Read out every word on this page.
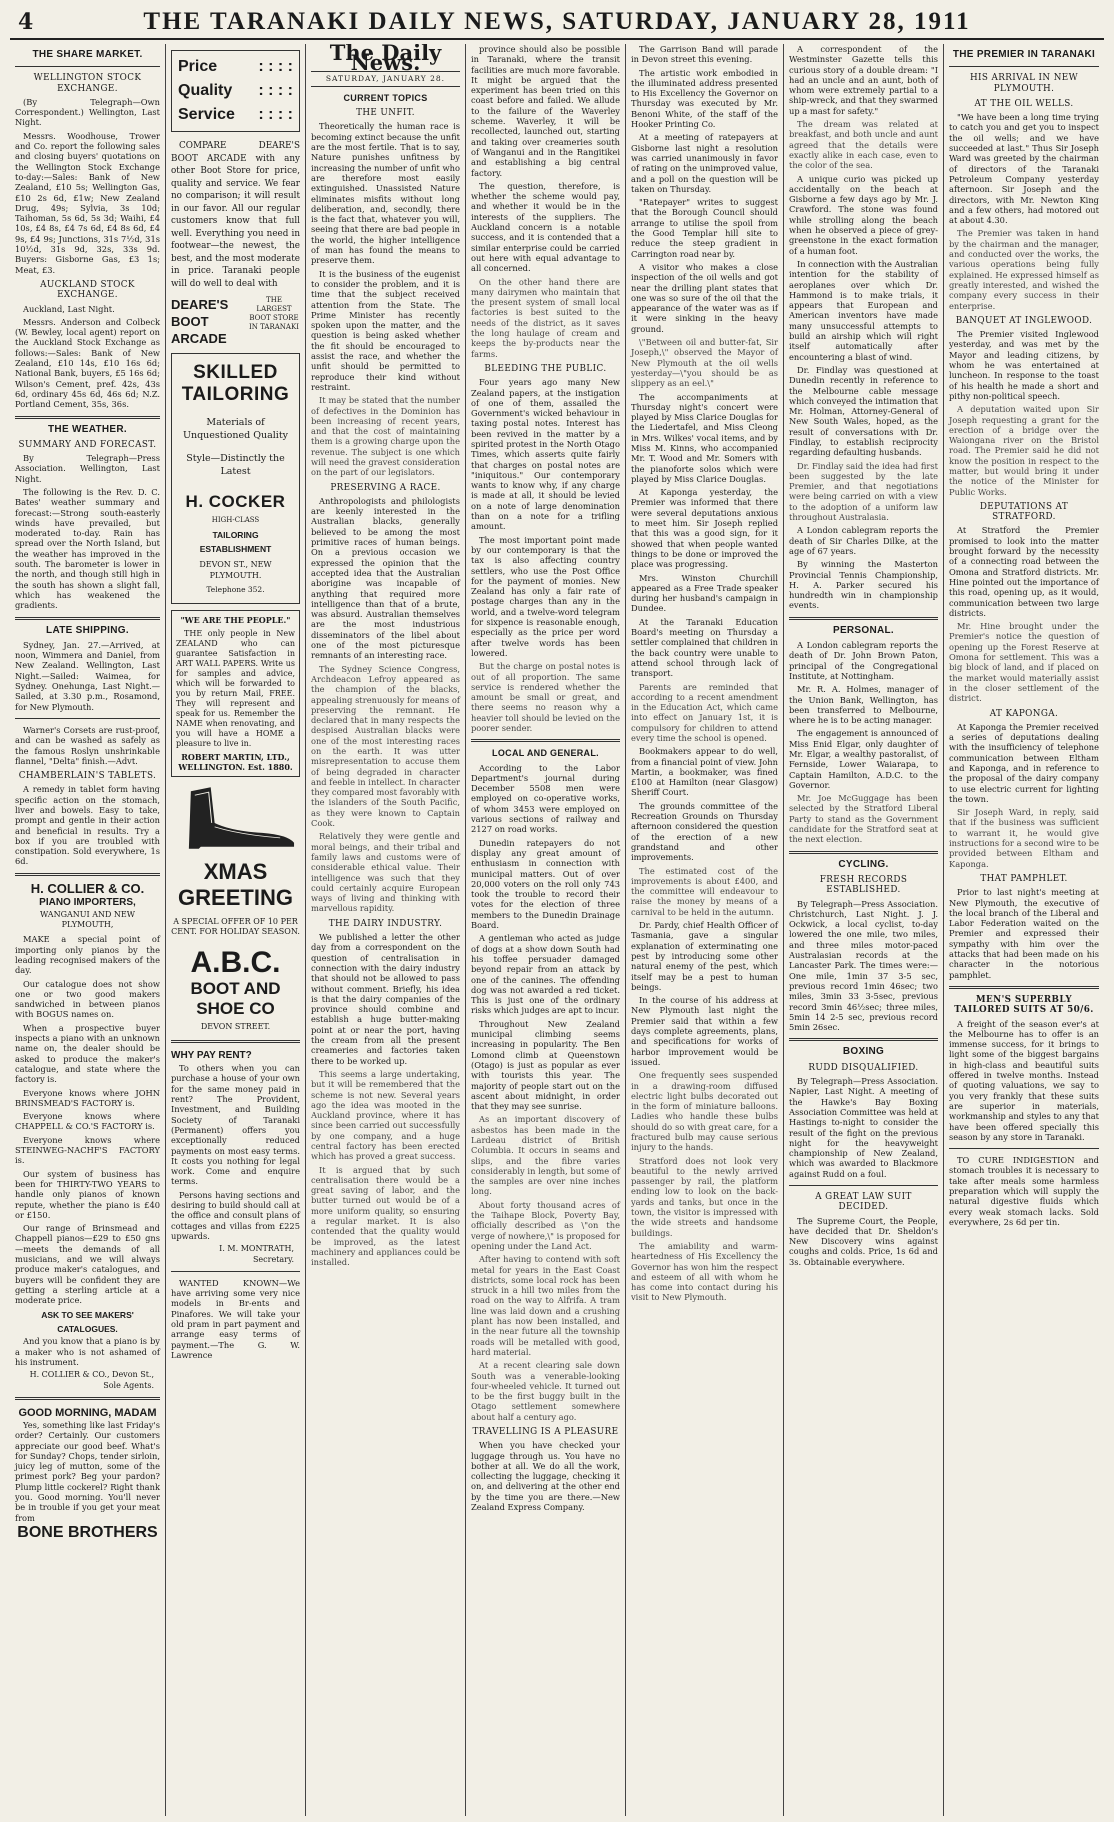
4	THE TARANAKI DAILY NEWS, SATURDAY, JANUARY 28, 1911
THE SHARE MARKET.
WELLINGTON STOCK EXCHANGE.

(By Telegraph—Own Correspondent.) Wellington, Last Night.

Messrs. Woodhouse, Trower and Co. report the following sales and closing buyers' quotations on the Wellington Stock Exchange to-day:—Sales: Bank of New Zealand, £10 5s; Wellington Gas, £10 2s 6d, £1w; New Zealand Drug, 49s; Sylvia, 3s 10d; Taihoman, 5s 6d, 5s 3d; Waihi, £4 10s, £4 8s, £4 7s 6d, £4 8s 6d, £4 9s, £4 9s; Junctions, 31s 7½d, 31s 10½d, 31s 9d, 32s, 33s 9d. Buyers: Gisborne Gas, £3 1s; Meat, £3.

AUCKLAND STOCK EXCHANGE.

Auckland, Last Night.

Messrs. Anderson and Colbeck (W. Bewley, local agent) report on the Auckland Stock Exchange as follows:—Sales: Bank of New Zealand, £10 14s, £10 16s 6d; National Bank, buyers, £5 16s 6d; Wilson's Cement, pref. 42s, 43s 6d, ordinary 45s 6d, 46s 6d; N.Z. Portland Cement, 35s, 36s.

THE WEATHER.
SUMMARY AND FORECAST.

By Telegraph—Press Association. Wellington, Last Night.

The following is the Rev. D. C. Bates' weather summary and forecast:—Strong south-easterly winds have prevailed, but moderated to-day. Rain has spread over the North Island, but the weather has improved in the south. The barometer is lower in the north, and though still high in the south has shown a slight fall, which has weakened the gradients.

LATE SHIPPING.

Sydney, Jan. 27.—Arrived, at noon, Wimmera and Daniel, from New Zealand. Wellington, Last Night.—Sailed: Waimea, for Sydney. Onehunga, Last Night.—Sailed, at 3.30 p.m., Rosamond, for New Plymouth.

Warner's Corsets are rust-proof, and can be washed as safely as the famous Roslyn unshrinkable flannel, "Delta" finish.—Advt.

CHAMBERLAIN'S TABLETS.

A remedy in tablet form having specific action on the stomach, liver and bowels. Easy to take, prompt and gentle in their action and beneficial in results. Try a box if you are troubled with constipation. Sold everywhere, 1s 6d.

H. COLLIER & CO.
PIANO IMPORTERS,
WANGANUI AND NEW PLYMOUTH,

MAKE a special point of importing only pianos by the leading recognised makers of the day.

Our catalogue does not show one or two good makers sandwiched in between pianos with BOGUS names on.

When a prospective buyer inspects a piano with an unknown name on, the dealer should be asked to produce the maker's catalogue, and state where the factory is.

Everyone knows where JOHN BRINSMEAD'S FACTORY is.

Everyone knows where CHAPPELL & CO.'S FACTORY is.

Everyone knows where STEINWEG-NACHF'S FACTORY is.

Our system of business has been for THIRTY-TWO YEARS to handle only pianos of known repute, whether the piano is £40 or £150.

Our range of Brinsmead and Chappell pianos—£29 to £50 gns—meets the demands of all musicians, and we will always produce maker's catalogues, and buyers will be confident they are getting a sterling article at a moderate price.

ASK TO SEE MAKERS' CATALOGUES.

And you know that a piano is by a maker who is not ashamed of his instrument.

H. COLLIER & CO., Devon St., Sole Agents.
GOOD MORNING, MADAM

Yes, something like last Friday's order? Certainly. Our customers appreciate our good beef. What's for Sunday? Chops, tender sirloin, juicy leg of mutton, some of the primest pork? Beg your pardon? Plump little cockerel? Right thank you. Good morning. You'll never be in trouble if you get your meat from

BONE BROTHERS
Price	: : : :
Quality : : : :
Service : : : :

COMPARE DEARE'S BOOT ARCADE with any other Boot Store for price, quality and service. We fear no comparison; it will result in our favor. All our regular customers know that full well. Everything you need in footwear—the newest, the best, and the most moderate in price. Taranaki people will do well to deal with

DEARE'S BOOT ARCADE
THE LARGEST BOOT STORE IN TARANAKI
SKILLED TAILORING
Materials of Unquestioned Quality
Style—Distinctly the Latest
H. COCKER
HIGH-CLASS
TAILORING ESTABLISHMENT
DEVON ST., NEW PLYMOUTH.
Telephone 352.
"WE ARE THE PEOPLE."

THE only people in New ZEALAND who can guarantee Satisfaction in ART WALL PAPERS. Write us for samples and advice, which will be forwarded to you by return Mail, FREE. They will represent and speak for us. Remember the NAME when renovating, and you will have a HOME a pleasure to live in.

ROBERT MARTIN, LTD., WELLINGTON. Est. 1880.
XMAS GREETING
A SPECIAL OFFER OF 10 PER CENT. FOR HOLIDAY SEASON.
A.B.C.
BOOT AND SHOE CO
DEVON STREET.
WHY PAY RENT?

To others when you can purchase a house of your own for the same money paid in rent? The Provident, Investment, and Building Society of Taranaki (Permanent) offers you exceptionally reduced payments on most easy terms. It costs you nothing for legal work. Come and enquire terms.

Persons having sections and desiring to build should call at the office and consult plans of cottages and villas from £225 upwards.

I. M. MONTRATH, Secretary.

WANTED KNOWN—We have arriving some very nice models in Br-ents and Pinafores. We will take your old pram in part payment and arrange easy terms of payment.—The G. W. Lawrence

The Daily News.
SATURDAY, JANUARY 28.
CURRENT TOPICS
THE UNFIT.

Theoretically the human race is becoming extinct because the unfit are the most fertile. That is to say, Nature punishes unfitness by increasing the number of unfit who are therefore most easily extinguished. Unassisted Nature eliminates misfits without long deliberation, and, secondly, there is the fact that, whatever you will, seeing that there are bad people in the world, the higher intelligence of man has found the means to preserve them.

It is the business of the eugenist to consider the problem, and it is time that the subject received attention from the State. The Prime Minister has recently spoken upon the matter, and the question is being asked whether the fit should be encouraged to assist the race, and whether the unfit should be permitted to reproduce their kind without restraint.

It may be stated that the number of defectives in the Dominion has been increasing of recent years, and that the cost of maintaining them is a growing charge upon the revenue. The subject is one which will need the gravest consideration on the part of our legislators.

PRESERVING A RACE.

Anthropologists and philologists are keenly interested in the Australian blacks, generally believed to be among the most primitive races of human beings. On a previous occasion we expressed the opinion that the accepted idea that the Australian aborigine was incapable of anything that required more intelligence than that of a brute, was absurd. Australian themselves are the most industrious disseminators of the libel about one of the most picturesque remnants of an interesting race.

The Sydney Science Congress, Archdeacon Lefroy appeared as the champion of the blacks, appealing strenuously for means of preserving the remnant. He declared that in many respects the despised Australian blacks were one of the most interesting races on the earth. It was utter misrepresentation to accuse them of being degraded in character and feeble in intellect. In character they compared most favorably with the islanders of the South Pacific, as they were known to Captain Cook.

Relatively they were gentle and moral beings, and their tribal and family laws and customs were of considerable ethical value. Their intelligence was such that they could certainly acquire European ways of living and thinking with marvellous rapidity.

THE DAIRY INDUSTRY.

We published a letter the other day from a correspondent on the question of centralisation in connection with the dairy industry that should not be allowed to pass without comment. Briefly, his idea is that the dairy companies of the province should combine and establish a huge butter-making point at or near the port, having the cream from all the present creameries and factories taken there to be worked up.

This seems a large undertaking, but it will be remembered that the scheme is not new. Several years ago the idea was mooted in the Auckland province, where it has since been carried out successfully by one company, and a huge central factory has been erected which has proved a great success.

It is argued that by such centralisation there would be a great saving of labor, and the butter turned out would be of a more uniform quality, so ensuring a regular market. It is also contended that the quality would be improved, as the latest machinery and appliances could be installed.

province should also be possible in Taranaki, where the transit facilities are much more favorable. It might be argued that the experiment has been tried on this coast before and failed. We allude to the failure of the Waverley scheme. Waverley, it will be recollected, launched out, starting and taking over creameries south of Wanganui and in the Rangitikei and establishing a big central factory.

The question, therefore, is whether the scheme would pay, and whether it would be in the interests of the suppliers. The Auckland concern is a notable success, and it is contended that a similar enterprise could be carried out here with equal advantage to all concerned.

On the other hand there are many dairymen who maintain that the present system of small local factories is best suited to the needs of the district, as it saves the long haulage of cream and keeps the by-products near the farms.

BLEEDING THE PUBLIC.

Four years ago many New Zealand papers, at the instigation of one of them, assailed the Government's wicked behaviour in taxing postal notes. Interest has been revived in the matter by a spirited protest in the North Otago Times, which asserts quite fairly that charges on postal notes are "iniquitous." Our contemporary wants to know why, if any charge is made at all, it should be levied on a note of large denomination than on a note for a trifling amount.

The most important point made by our contemporary is that the tax is also affecting country settlers, who use the Post Office for the payment of monies. New Zealand has only a fair rate of postage charges than any in the world, and a twelve-word telegram for sixpence is reasonable enough, especially as the price per word after twelve words has been lowered.

But the charge on postal notes is out of all proportion. The same service is rendered whether the amount be small or great, and there seems no reason why a heavier toll should be levied on the poorer sender.

LOCAL AND GENERAL.

According to the Labor Department's journal during December 5508 men were employed on co-operative works, of whom 3453 were employed on various sections of railway and 2127 on road works.

Dunedin ratepayers do not display any great amount of enthusiasm in connection with municipal matters. Out of over 20,000 voters on the roll only 743 took the trouble to record their votes for the election of three members to the Dunedin Drainage Board.

A gentleman who acted as judge of dogs at a show down South had his toffee persuader damaged beyond repair from an attack by one of the canines. The offending dog was not awarded a red ticket. This is just one of the ordinary risks which judges are apt to incur.

Throughout New Zealand municipal climbing seems increasing in popularity. The Ben Lomond climb at Queenstown (Otago) is just as popular as ever with tourists this year. The majority of people start out on the ascent about midnight, in order that they may see sunrise.

As an important discovery of asbestos has been made in the Lardeau district of British Columbia. It occurs in seams and slips, and the fibre varies considerably in length, but some of the samples are over nine inches long.

About forty thousand acres of the Taihape Block, Poverty Bay, officially described as \"on the verge of nowhere,\" is proposed for opening under the Land Act.

After having to contend with soft metal for years in the East Coast districts, some local rock has been struck in a hill two miles from the road on the way to Alfrifa. A tram line was laid down and a crushing plant has now been installed, and in the near future all the township roads will be metalled with good, hard material.

At a recent clearing sale down South was a venerable-looking four-wheeled vehicle. It turned out to be the first buggy built in the Otago settlement somewhere about half a century ago.

TRAVELLING IS A PLEASURE

When you have checked your luggage through us. You have no bother at all. We do all the work, collecting the luggage, checking it on, and delivering at the other end by the time you are there.—New Zealand Express Company.

The Garrison Band will parade in Devon street this evening.

The artistic work embodied in the illuminated address presented to His Excellency the Governor on Thursday was executed by Mr. Benoni White, of the staff of the Hooker Printing Co.

At a meeting of ratepayers at Gisborne last night a resolution was carried unanimously in favor of rating on the unimproved value, and a poll on the question will be taken on Thursday.

"Ratepayer" writes to suggest that the Borough Council should arrange to utilise the spoil from the Good Templar hill site to reduce the steep gradient in Carrington road near by.

A visitor who makes a close inspection of the oil wells and got near the drilling plant states that one was so sure of the oil that the appearance of the water was as if it were sinking in the heavy ground.

\"Between oil and butter-fat, Sir Joseph,\" observed the Mayor of New Plymouth at the oil wells yesterday—\"you should be as slippery as an eel.\"

The accompaniments at Thursday night's concert were played by Miss Clarice Douglas for the Liedertafel, and Miss Cleong in Mrs. Wilkes' vocal items, and by Miss M. Kinns, who accompanied Mr. T. Wood and Mr. Somers with the pianoforte solos which were played by Miss Clarice Douglas.

At Kaponga yesterday, the Premier was informed that there were several deputations anxious to meet him. Sir Joseph replied that this was a good sign, for it showed that when people wanted things to be done or improved the place was progressing.

Mrs. Winston Churchill appeared as a Free Trade speaker during her husband's campaign in Dundee.

At the Taranaki Education Board's meeting on Thursday a settler complained that children in the back country were unable to attend school through lack of transport.

Parents are reminded that according to a recent amendment in the Education Act, which came into effect on January 1st, it is compulsory for children to attend every time the school is opened.

Bookmakers appear to do well, from a financial point of view. John Martin, a bookmaker, was fined £100 at Hamilton (near Glasgow) Sheriff Court.

The grounds committee of the Recreation Grounds on Thursday afternoon considered the question of the erection of a new grandstand and other improvements.

The estimated cost of the improvements is about £400, and the committee will endeavour to raise the money by means of a carnival to be held in the autumn.

Dr. Pardy, chief Health Officer of Tasmania, gave a singular explanation of exterminating one pest by introducing some other natural enemy of the pest, which itself may be a pest to human beings.

In the course of his address at New Plymouth last night the Premier said that within a few days complete agreements, plans, and specifications for works of harbor improvement would be issued.

One frequently sees suspended in a drawing-room diffused electric light bulbs decorated out in the form of miniature balloons. Ladies who handle these bulbs should do so with great care, for a fractured bulb may cause serious injury to the hands.

Stratford does not look very beautiful to the newly arrived passenger by rail, the platform ending low to look on the back-yards and tanks, but once in the town, the visitor is impressed with the wide streets and handsome buildings.

The amiability and warm-heartedness of His Excellency the Governor has won him the respect and esteem of all with whom he has come into contact during his visit to New Plymouth.

A correspondent of the Westminster Gazette tells this curious story of a double dream: "I had an uncle and an aunt, both of whom were extremely partial to a ship-wreck, and that they swarmed up a mast for safety."

The dream was related at breakfast, and both uncle and aunt agreed that the details were exactly alike in each case, even to the color of the sea.

A unique curio was picked up accidentally on the beach at Gisborne a few days ago by Mr. J. Crawford. The stone was found while strolling along the beach when he observed a piece of grey-greenstone in the exact formation of a human foot.

In connection with the Australian intention for the stability of aeroplanes over which Dr. Hammond is to make trials, it appears that European and American inventors have made many unsuccessful attempts to build an airship which will right itself automatically after encountering a blast of wind.

Dr. Findlay was questioned at Dunedin recently in reference to the Melbourne cable message which conveyed the intimation that Mr. Holman, Attorney-General of New South Wales, hoped, as the result of conversations with Dr. Findlay, to establish reciprocity regarding defaulting husbands.

Dr. Findlay said the idea had first been suggested by the late Premier, and that negotiations were being carried on with a view to the adoption of a uniform law throughout Australasia.

A London cablegram reports the death of Sir Charles Dilke, at the age of 67 years.

By winning the Masterton Provincial Tennis Championship, H. A. Parker secured his hundredth win in championship events.

PERSONAL.

A London cablegram reports the death of Dr. John Brown Paton, principal of the Congregational Institute, at Nottingham.

Mr. R. A. Holmes, manager of the Union Bank, Wellington, has been transferred to Melbourne, where he is to be acting manager.

The engagement is announced of Miss Enid Elgar, only daughter of Mr. Elgar, a wealthy pastoralist, of Fernside, Lower Waiarapa, to Captain Hamilton, A.D.C. to the Governor.

Mr. Joe McGuggage has been selected by the Stratford Liberal Party to stand as the Government candidate for the Stratford seat at the next election.

CYCLING.
FRESH RECORDS ESTABLISHED.

By Telegraph—Press Association. Christchurch, Last Night. J. J. Ockwick, a local cyclist, to-day lowered the one mile, two miles, and three miles motor-paced Australasian records at the Lancaster Park. The times were:—One mile, 1min 37 3-5 sec, previous record 1min 46sec; two miles, 3min 33 3-5sec, previous record 3min 46½sec; three miles, 5min 14 2-5 sec, previous record 5min 26sec.

BOXING
RUDD DISQUALIFIED.

By Telegraph—Press Association. Napier, Last Night. A meeting of the Hawke's Bay Boxing Association Committee was held at Hastings to-night to consider the result of the fight on the previous night for the heavyweight championship of New Zealand, which was awarded to Blackmore against Rudd on a foul.

A GREAT LAW SUIT DECIDED.

The Supreme Court, the People, have decided that Dr. Sheldon's New Discovery wins against coughs and colds. Price, 1s 6d and 3s. Obtainable everywhere.

THE PREMIER IN TARANAKI
HIS ARRIVAL IN NEW PLYMOUTH.
AT THE OIL WELLS.

"We have been a long time trying to catch you and get you to inspect the oil wells; and we have succeeded at last." Thus Sir Joseph Ward was greeted by the chairman of directors of the Taranaki Petroleum Company yesterday afternoon. Sir Joseph and the directors, with Mr. Newton King and a few others, had motored out at about 4.30.

The Premier was taken in hand by the chairman and the manager, and conducted over the works, the various operations being fully explained. He expressed himself as greatly interested, and wished the company every success in their enterprise.

BANQUET AT INGLEWOOD.

The Premier visited Inglewood yesterday, and was met by the Mayor and leading citizens, by whom he was entertained at luncheon. In response to the toast of his health he made a short and pithy non-political speech.

A deputation waited upon Sir Joseph requesting a grant for the erection of a bridge over the Waiongana river on the Bristol road. The Premier said he did not know the position in respect to the matter, but would bring it under the notice of the Minister for Public Works.

DEPUTATIONS AT STRATFORD.

At Stratford the Premier promised to look into the matter brought forward by the necessity of a connecting road between the Omona and Stratford districts. Mr. Hine pointed out the importance of this road, opening up, as it would, communication between two large districts.

Mr. Hine brought under the Premier's notice the question of opening up the Forest Reserve at Omona for settlement. This was a big block of land, and if placed on the market would materially assist in the closer settlement of the district.

AT KAPONGA.

At Kaponga the Premier received a series of deputations dealing with the insufficiency of telephone communication between Eltham and Kaponga, and in reference to the proposal of the dairy company to use electric current for lighting the town.

Sir Joseph Ward, in reply, said that if the business was sufficient to warrant it, he would give instructions for a second wire to be provided between Eltham and Kaponga.

THAT PAMPHLET.

Prior to last night's meeting at New Plymouth, the executive of the local branch of the Liberal and Labor Federation waited on the Premier and expressed their sympathy with him over the attacks that had been made on his character in the notorious pamphlet.

MEN'S SUPERBLY TAILORED SUITS AT 50/6.

A freight of the season ever's at the Melbourne has to offer is an immense success, for it brings to light some of the biggest bargains in high-class and beautiful suits offered in twelve months. Instead of quoting valuations, we say to you very frankly that these suits are superior in materials, workmanship and styles to any that have been offered specially this season by any store in Taranaki.

TO CURE INDIGESTION and stomach troubles it is necessary to take after meals some harmless preparation which will supply the natural digestive fluids which every weak stomach lacks. Sold everywhere, 2s 6d per tin.
